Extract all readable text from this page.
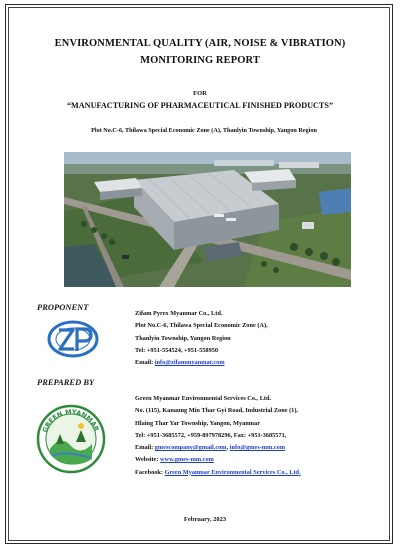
ENVIRONMENTAL QUALITY (AIR, NOISE & VIBRATION)
MONITORING REPORT
FOR
“MANUFACTURING OF PHARMACEUTICAL FINISHED PRODUCTS”
Plot No.C-6, Thilawa Special Economic Zone (A), Thanlyin Township, Yangon Region
PROPONENT
Zifam Pyrex Myanmar Co., Ltd.
Plot No.C-6, Thilawa Special Economic Zone (A),
Thanlyin Township, Yangon Region
Tel: +951-554524, +951-558950
Email: info@zifammyanmar.com
PREPARED BY
GREEN MYANMAR
Green Myanmar Environmental Services Co., Ltd.
No. (115), Kanaung Min Thar Gyi Road, Industrial Zone (1),
Hlaing Thar Yar Township, Yangon, Myanmar
Tel: +951-3685572, +959-897978296, Fax: +951-3685571,
Email: gmescompany@gmail.com, info@gmes-mm.com
Website: www.gmes-mm.com
Facebook: Green Myanmar Environmental Services Co., Ltd.
February, 2023
